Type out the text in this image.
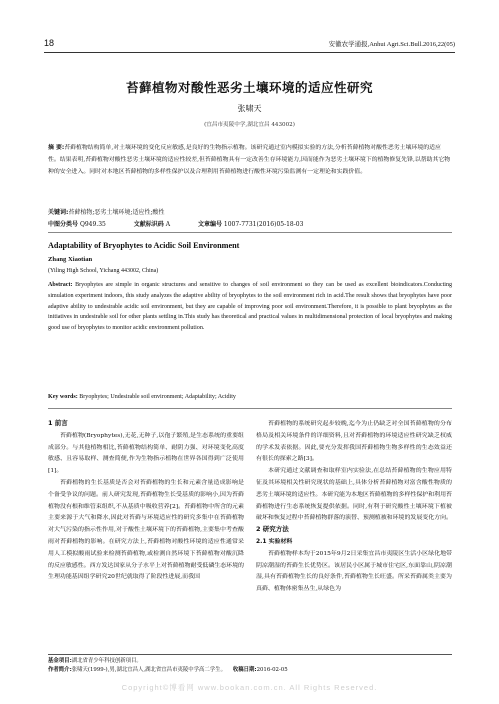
18	安徽农学通报,Anhui Agri.Sci.Bull.2016,22(05)
苔藓植物对酸性恶劣土壤环境的适应性研究
张啸天
(宜昌市夷陵中学,湖北宜昌 443002)
摘 要:苔藓植物结构简单,对土壤环境的变化反应敏感,是良好的生物指示植物。该研究通过室内模拟实验的方法,分析苔藓植物对酸性恶劣土壤环境的适应性。结果表明,苔藓植物对酸性恶劣土壤环境的适应性较差,但苔藓植物具有一定改善生存环境能力,因而能作为恶劣土壤环境下的植物修复先锋,以帮助其它物种的安全进入。同时对本地区苔藓植物的多样性保护以及合理利用苔藓植物进行酸性环境污染监测有一定理论和实践价值。
关键词:苔藓植物;恶劣土壤环境;适应性;酸性
中图分类号 Q949.35	文献标识码 A	文章编号 1007-7731(2016)05-18-03
Adaptability of Bryophytes to Acidic Soil Environment
Zhang Xiaotian
(Yiling High School, Yichang 443002, China)
Abstract: Bryophytes are simple in organic structures and sensitive to changes of soil environment so they can be used as excellent bioindicators.Conducting simulation experiment indoors, this study analyzes the adaptive ability of bryophytes to the soil environment rich in acid.The result shows that bryophytes have poor adaptive ability to undesirable acidic soil environment, but they are capable of improving poor soil environment.Therefore, it is possible to plant bryophytes as the initiatives in undesirable soil for other plants settling in.This study has theoretical and practical values in multidimensional protection of local bryophytes and making good use of bryophytes to monitor acidic environment pollution.
Key words: Bryophytes; Undesirable soil environment; Adaptability; Acidity
1 前言

苔藓植物(Bryophytes),无花,无种子,以孢子繁殖,是生态系统的重要组成部分。与其他植物相比,苔藓植物结构简单、耐阴力强、对环境变化高度敏感、且容易取样、测查简便,作为生物指示植物在世界各国得到广泛使用[1]。

苔藓植物的生长基质是否会对苔藓植物的生长和元素含量造成影响是个备受争议的问题。前人研究发现,苔藓植物生长受基质的影响小,因为苔藓植物没有根和维管束组织,不从基质中吸收营养[2]。苔藓植物中所含的元素主要来源于大气和降水,因此对苔藓与环境适应性的研究多集中在苔藓植物对大气污染的指示性作用,对于酸性土壤环境下的苔藓植物,主要集中考查酸雨对苔藓植物的影响。在研究方法上,苔藓植物对酸性环境的适应性通常采用人工模拟酸雨试验来检测苔藓植物,或检测自然环境下苔藓植物对酸沉降的反应敏感性。西方发达国家从分子水平上对苔藓植物耐受低磷生态环境的生理功能基因组学研究20世纪就取得了阶段性进展,而我国

苔藓植物的系统研究起步较晚,迄今为止仍缺乏对全国苔藓植物的分布格局及相关环境条件的详细资料,且对苔藓植物的环境适应性研究缺乏权威的学术发表依据。因此,要充分发挥我国苔藓植物生物多样性的生态效益还有很长的探索之路[3]。

本研究通过文献调查和取样室内实验法,在总结苔藓植物的生物应用特征及其环境相关性研究现状的基础上,具体分析苔藓植物对富含酸性物质的恶劣土壤环境的适应性。本研究能为本地区苔藓植物的多样性保护和利用苔藓植物进行生态系统恢复提供依据。同时,有利于研究酸性土壤环境下植被破坏和恢复过程中苔藓植物群落的演替、预测植被和环境的发展变化方向。

2 研究方法
2.1 实验材料

苔藓植物样本均于2015年9月2日采集宜昌市夷陵区生活小区绿化地带阴凉潮湿的苔藓生长优势区。该居民小区属于城市住宅区,东面靠山,阴凉潮湿,具有苔藓植物生长的良好条件,苔藓植物生长旺盛。所采苔藓属类主要为真藓、植物体密集丛生,从绿色为

基金项目:湖北省青少年科技创新项目。
作者简介:张啸天(1999-),男,湖北宜昌人,湖北省宜昌市夷陵中学高二学生。 收稿日期:2016-02-05
Copyright©博看网 www.bookan.com.cn. All Rights Reserved.
